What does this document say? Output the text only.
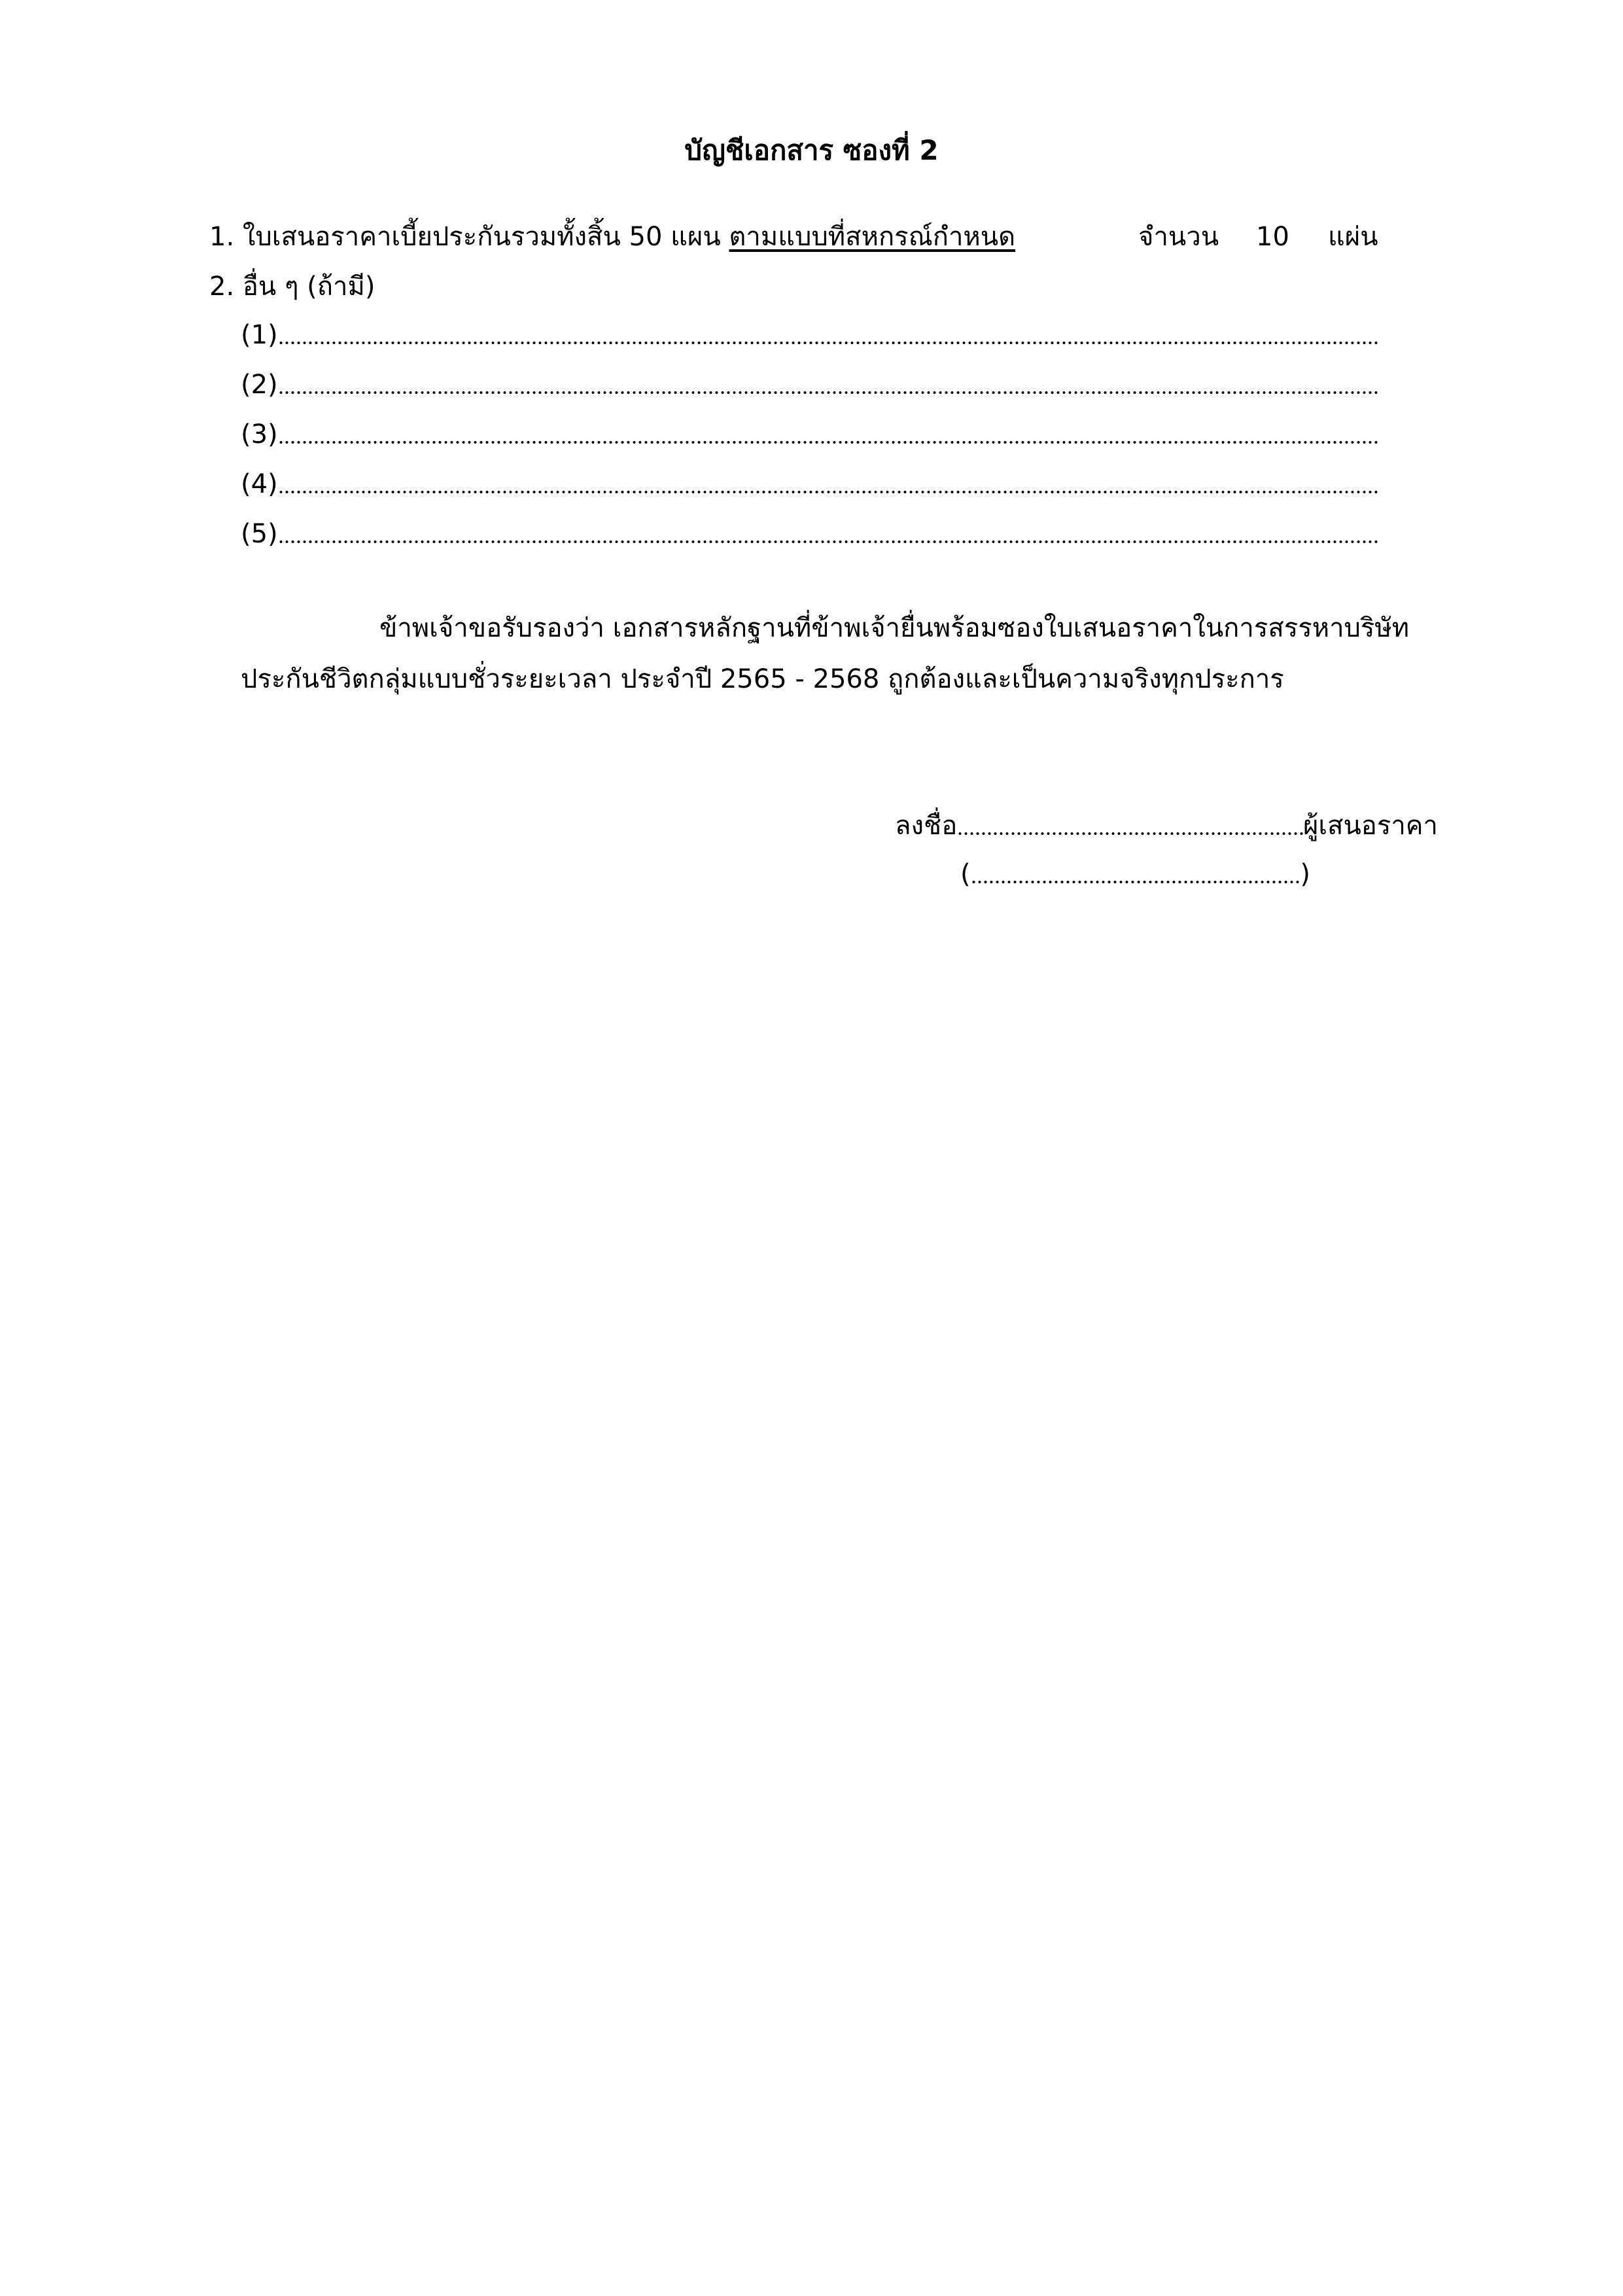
บัญชีเอกสาร ซองที่ 2
1. ใบเสนอราคาเบี้ยประกันรวมทั้งสิ้น 50 แผน ตามแบบที่สหกรณ์กำหนด	จำนวน 10 แผ่น
2. อื่น ๆ (ถ้ามี)
(1)
(2)
(3)
(4)
(5)
ข้าพเจ้าขอรับรองว่า เอกสารหลักฐานที่ข้าพเจ้ายื่นพร้อมซองใบเสนอราคาในการสรรหาบริษัท
ประกันชีวิตกลุ่มแบบชั่วระยะเวลา ประจำปี 2565 - 2568 ถูกต้องและเป็นความจริงทุกประการ
ลงชื่อ	ผู้เสนอราคา
(	)
